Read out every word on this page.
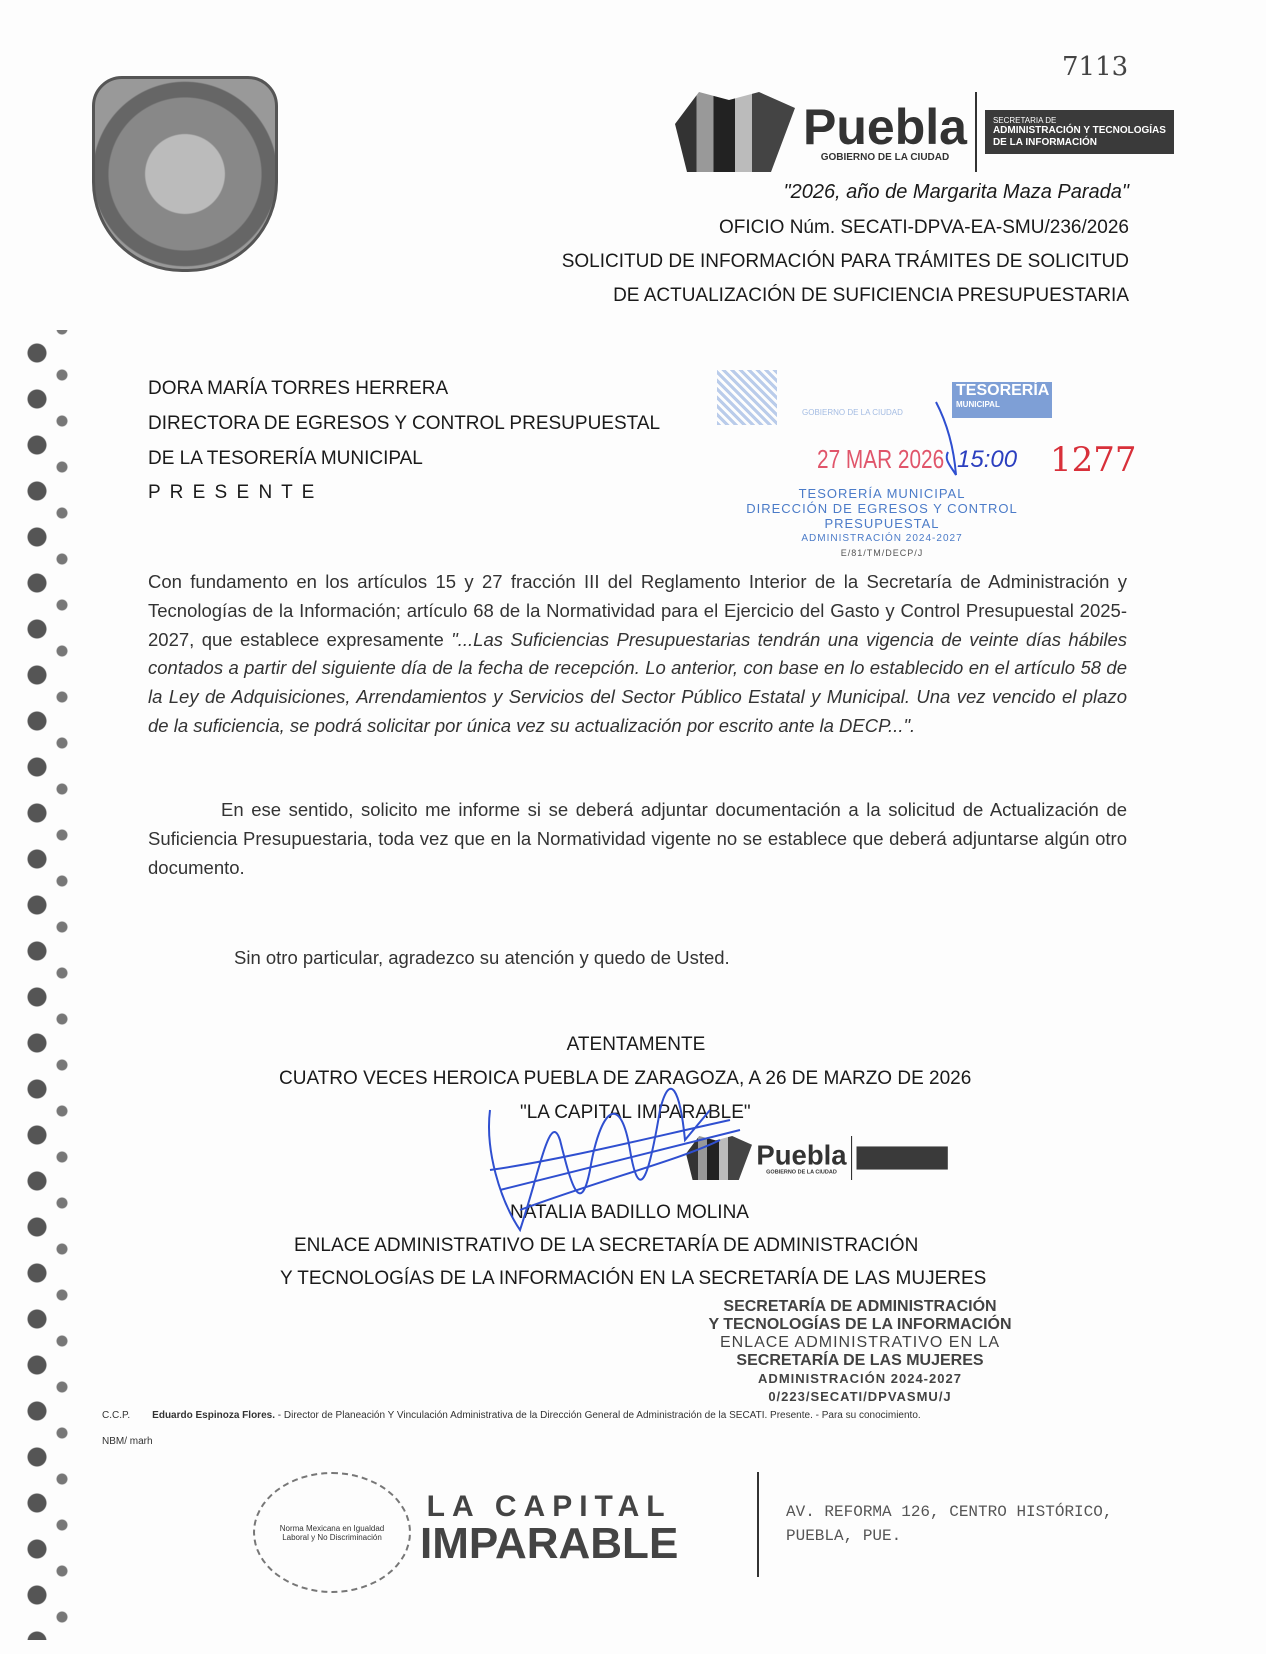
7113
Puebla
GOBIERNO DE LA CIUDAD
SECRETARIA DE
ADMINISTRACIÓN Y TECNOLOGÍAS
DE LA INFORMACIÓN
"2026, año de Margarita Maza Parada"
OFICIO Núm. SECATI-DPVA-EA-SMU/236/2026
SOLICITUD DE INFORMACIÓN PARA TRÁMITES DE SOLICITUD
DE ACTUALIZACIÓN DE SUFICIENCIA PRESUPUESTARIA
DORA MARÍA TORRES HERRERA
DIRECTORA DE EGRESOS Y CONTROL PRESUPUESTAL
DE LA TESORERÍA MUNICIPAL
P R E S E N T E
GOBIERNO DE LA CIUDAD
TESORERÍA
MUNICIPAL
27 MAR 2026 15:00
TESORERÍA MUNICIPAL
DIRECCIÓN DE EGRESOS Y CONTROL
PRESUPUESTAL
ADMINISTRACIÓN 2024-2027
E/81/TM/DECP/J
1277
Con fundamento en los artículos 15 y 27 fracción III del Reglamento Interior de la Secretaría de Administración y Tecnologías de la Información; artículo 68 de la Normatividad para el Ejercicio del Gasto y Control Presupuestal 2025-2027, que establece expresamente "...Las Suficiencias Presupuestarias tendrán una vigencia de veinte días hábiles contados a partir del siguiente día de la fecha de recepción. Lo anterior, con base en lo establecido en el artículo 58 de la Ley de Adquisiciones, Arrendamientos y Servicios del Sector Público Estatal y Municipal. Una vez vencido el plazo de la suficiencia, se podrá solicitar por única vez su actualización por escrito ante la DECP...".
En ese sentido, solicito me informe si se deberá adjuntar documentación a la solicitud de Actualización de Suficiencia Presupuestaria, toda vez que en la Normatividad vigente no se establece que deberá adjuntarse algún otro documento.
Sin otro particular, agradezco su atención y quedo de Usted.
ATENTAMENTE
CUATRO VECES HEROICA PUEBLA DE ZARAGOZA, A 26 DE MARZO DE 2026
"LA CAPITAL IMPARABLE"
Puebla
GOBIERNO DE LA CIUDAD
NATALIA BADILLO MOLINA
ENLACE ADMINISTRATIVO DE LA SECRETARÍA DE ADMINISTRACIÓN
Y TECNOLOGÍAS DE LA INFORMACIÓN EN LA SECRETARÍA DE LAS MUJERES
SECRETARÍA DE ADMINISTRACIÓN
Y TECNOLOGÍAS DE LA INFORMACIÓN
ENLACE ADMINISTRATIVO EN LA
SECRETARÍA DE LAS MUJERES
ADMINISTRACIÓN 2024-2027
0/223/SECATI/DPVASMU/J
C.C.P. Eduardo Espinoza Flores. - Director de Planeación Y Vinculación Administrativa de la Dirección General de Administración de la SECATI. Presente. - Para su conocimiento.
NBM/ marh
Norma Mexicana en Igualdad Laboral y No Discriminación
LA CAPITAL
IMPARABLE
AV. REFORMA 126, CENTRO HISTÓRICO,
PUEBLA, PUE.
